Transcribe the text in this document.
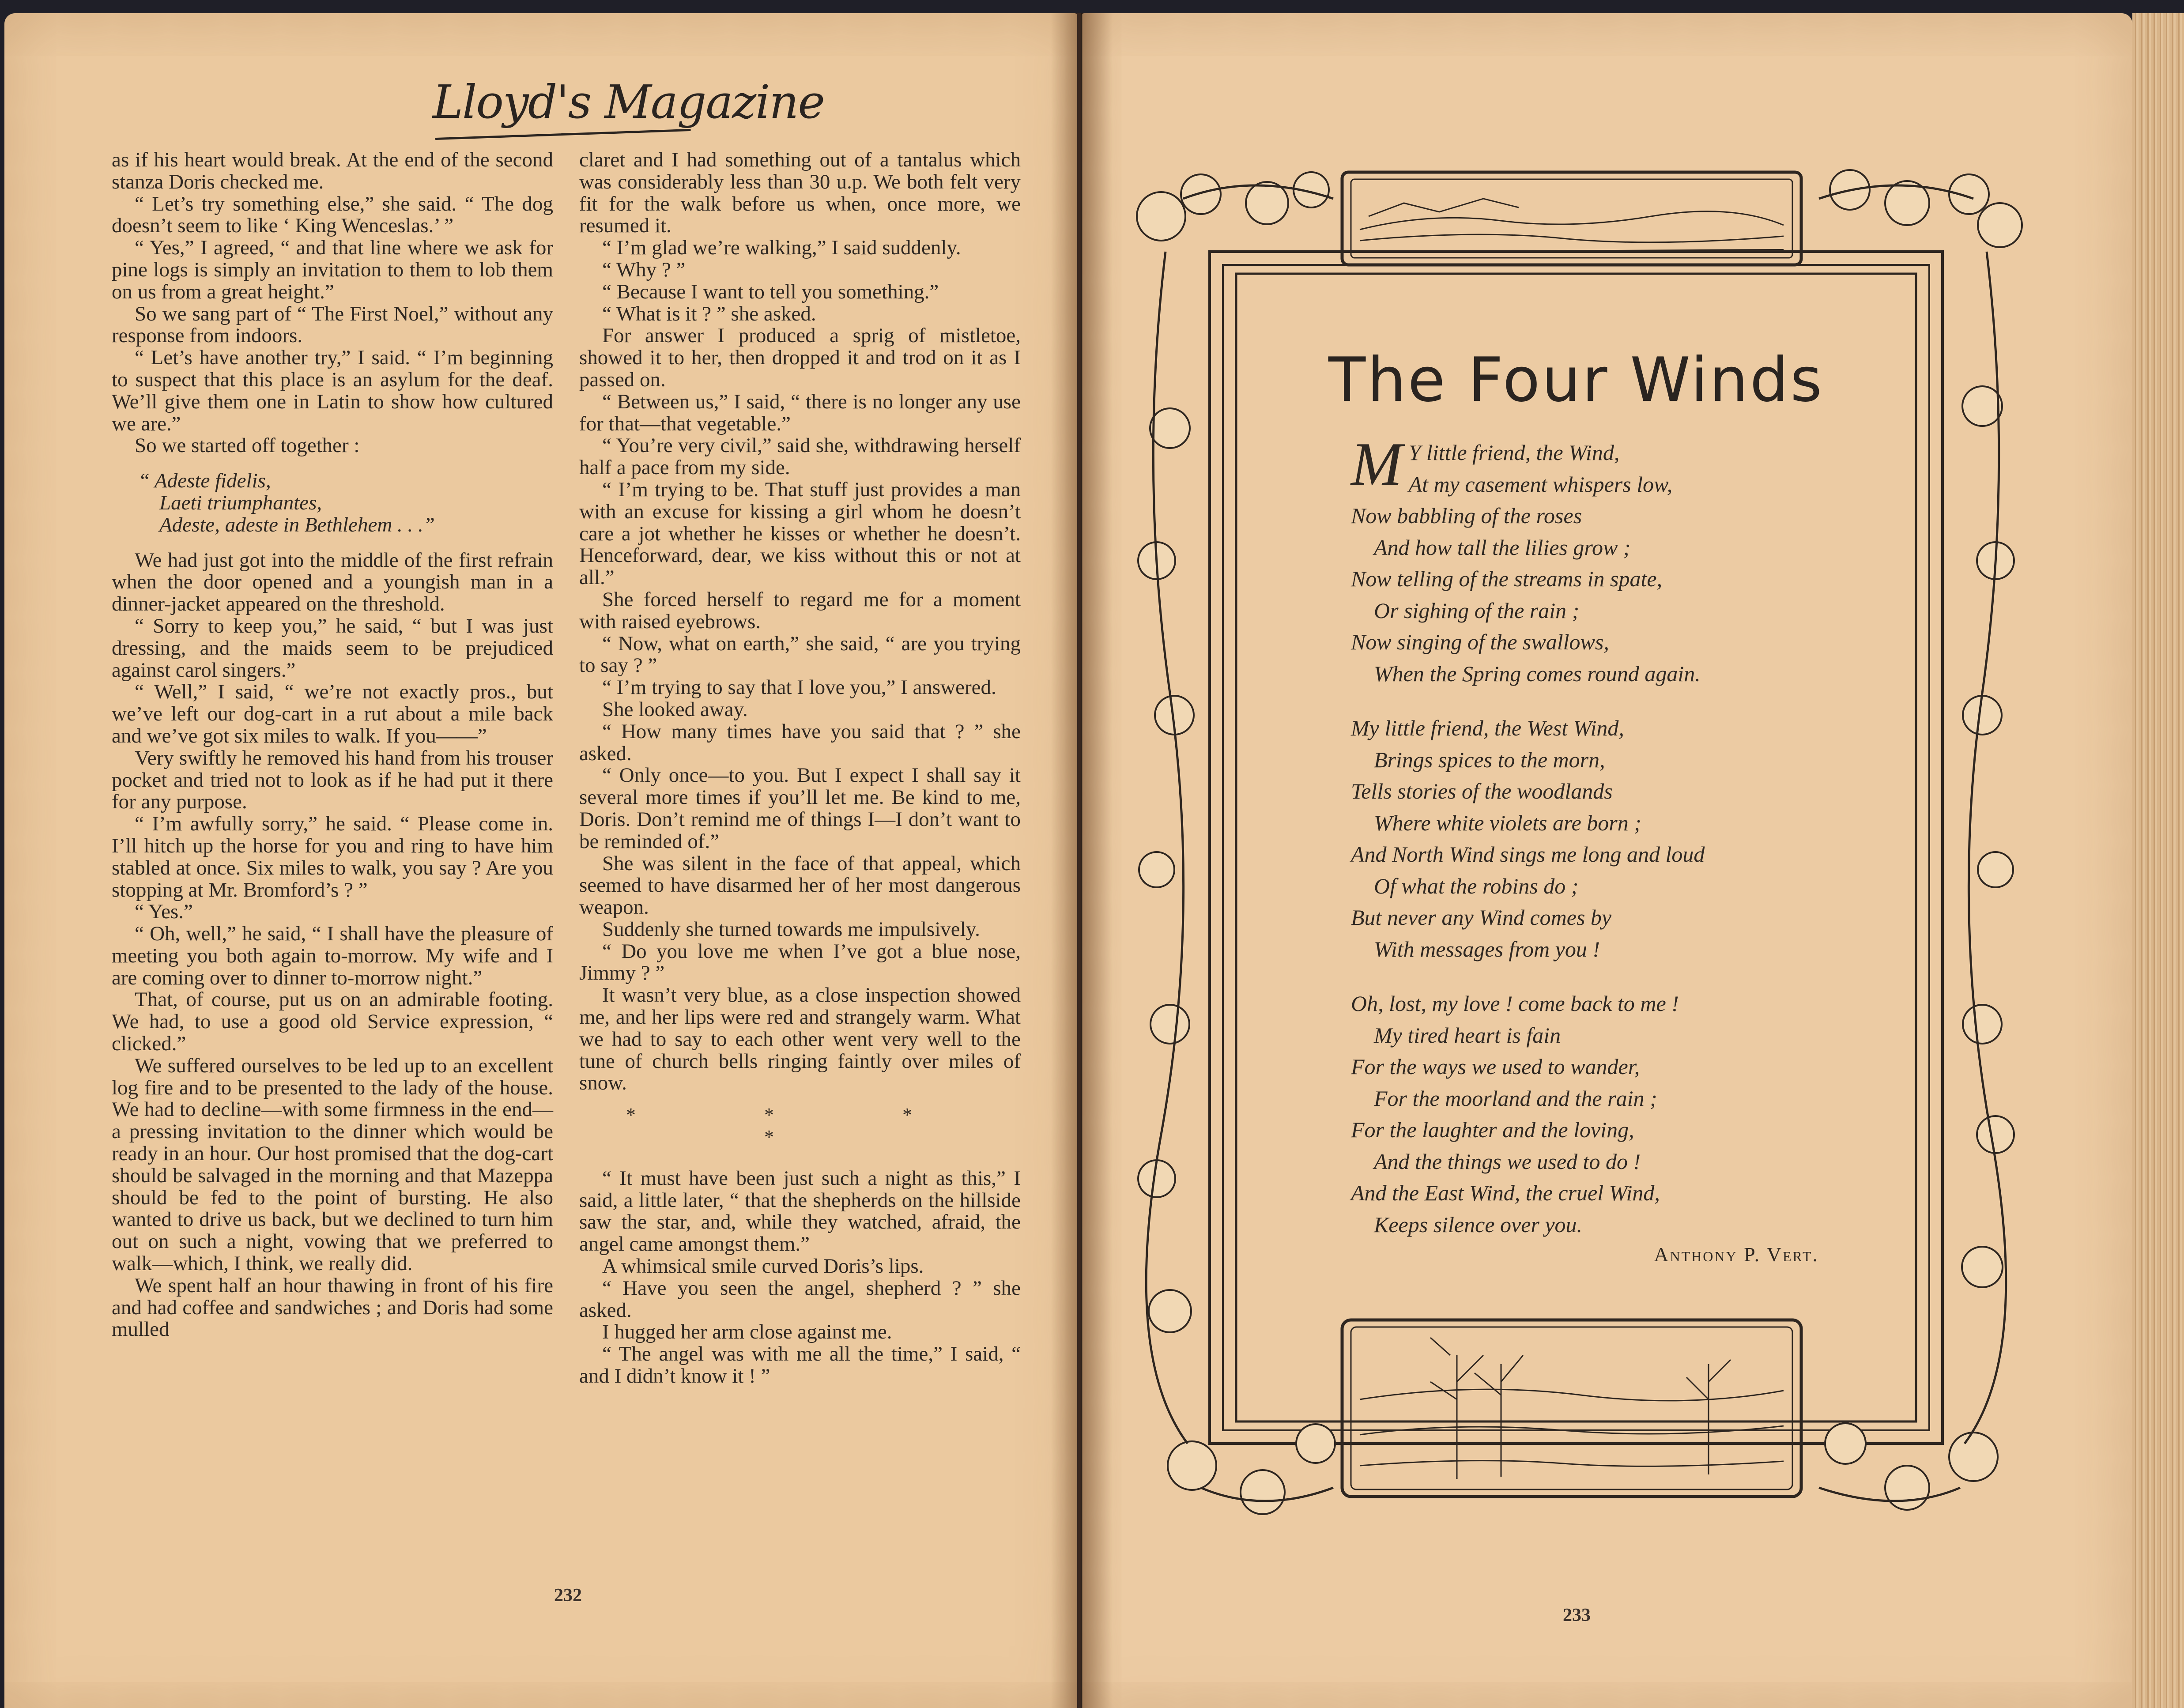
Lloyd's Magazine

as if his heart would break. At the end of the second stanza Doris checked me.

“ Let’s try something else,” she said. “ The dog doesn’t seem to like ‘ King Wenceslas.’ ”

“ Yes,” I agreed, “ and that line where we ask for pine logs is simply an invitation to them to lob them on us from a great height.”

So we sang part of “ The First Noel,” without any response from indoors.

“ Let’s have another try,” I said. “ I’m beginning to suspect that this place is an asylum for the deaf. We’ll give them one in Latin to show how cultured we are.”

So we started off together :

“ Adeste fidelis,
Laeti triumphantes,
Adeste, adeste in Bethlehem . . .”

We had just got into the middle of the first refrain when the door opened and a youngish man in a dinner-jacket appeared on the threshold.

“ Sorry to keep you,” he said, “ but I was just dressing, and the maids seem to be prejudiced against carol singers.”

“ Well,” I said, “ we’re not exactly pros., but we’ve left our dog-cart in a rut about a mile back and we’ve got six miles to walk. If you——”

Very swiftly he removed his hand from his trouser pocket and tried not to look as if he had put it there for any purpose.

“ I’m awfully sorry,” he said. “ Please come in. I’ll hitch up the horse for you and ring to have him stabled at once. Six miles to walk, you say ? Are you stopping at Mr. Bromford’s ? ”

“ Yes.”

“ Oh, well,” he said, “ I shall have the pleasure of meeting you both again to-morrow. My wife and I are coming over to dinner to-morrow night.”

That, of course, put us on an admirable footing. We had, to use a good old Service expression, “ clicked.”

We suffered ourselves to be led up to an excellent log fire and to be presented to the lady of the house. We had to decline—with some firmness in the end—a pressing invitation to the dinner which would be ready in an hour. Our host promised that the dog-cart should be salvaged in the morning and that Mazeppa should be fed to the point of bursting. He also wanted to drive us back, but we declined to turn him out on such a night, vowing that we preferred to walk—which, I think, we really did.

We spent half an hour thawing in front of his fire and had coffee and sandwiches ; and Doris had some mulled

claret and I had something out of a tantalus which was considerably less than 30 u.p. We both felt very fit for the walk before us when, once more, we resumed it.

“ I’m glad we’re walking,” I said suddenly.

“ Why ? ”

“ Because I want to tell you something.”

“ What is it ? ” she asked.

For answer I produced a sprig of mistletoe, showed it to her, then dropped it and trod on it as I passed on.

“ Between us,” I said, “ there is no longer any use for that—that vegetable.”

“ You’re very civil,” said she, withdrawing herself half a pace from my side.

“ I’m trying to be. That stuff just provides a man with an excuse for kissing a girl whom he doesn’t care a jot whether he kisses or whether he doesn’t. Henceforward, dear, we kiss without this or not at all.”

She forced herself to regard me for a moment with raised eyebrows.

“ Now, what on earth,” she said, “ are you trying to say ? ”

“ I’m trying to say that I love you,” I answered.

She looked away.

“ How many times have you said that ? ” she asked.

“ Only once—to you. But I expect I shall say it several more times if you’ll let me. Be kind to me, Doris. Don’t remind me of things I—I don’t want to be reminded of.”

She was silent in the face of that appeal, which seemed to have disarmed her of her most dangerous weapon.

Suddenly she turned towards me impulsively.

“ Do you love me when I’ve got a blue nose, Jimmy ? ”

It wasn’t very blue, as a close inspection showed me, and her lips were red and strangely warm. What we had to say to each other went very well to the tune of church bells ringing faintly over miles of snow.

* * * *

“ It must have been just such a night as this,” I said, a little later, “ that the shepherds on the hillside saw the star, and, while they watched, afraid, the angel came amongst them.”

A whimsical smile curved Doris’s lips.

“ Have you seen the angel, shepherd ? ” she asked.

I hugged her arm close against me.

“ The angel was with me all the time,” I said, “ and I didn’t know it ! ”

232
The Four Winds
M Y little friend, the Wind,
At my casement whispers low,
Now babbling of the roses
And how tall the lilies grow ;
Now telling of the streams in spate,
Or sighing of the rain ;
Now singing of the swallows,
When the Spring comes round again.
My little friend, the West Wind,
Brings spices to the morn,
Tells stories of the woodlands
Where white violets are born ;
And North Wind sings me long and loud
Of what the robins do ;
But never any Wind comes by
With messages from you !
Oh, lost, my love ! come back to me !
My tired heart is fain
For the ways we used to wander,
For the moorland and the rain ;
For the laughter and the loving,
And the things we used to do !
And the East Wind, the cruel Wind,
Keeps silence over you.
Anthony P. Vert.
233
